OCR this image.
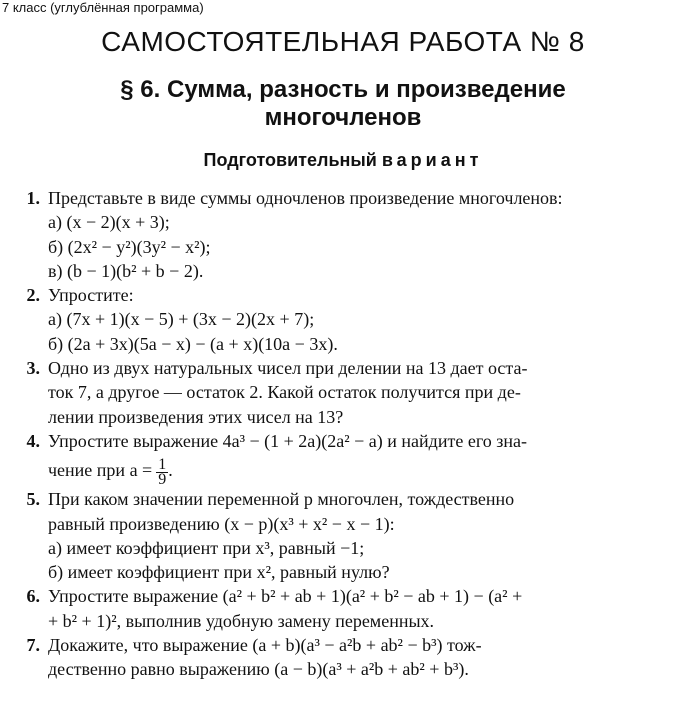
7 класс (углублённая программа)
САМОСТОЯТЕЛЬНАЯ РАБОТА № 8
§ 6. Сумма, разность и произведение
многочленов
Подготовительный вариант
1. Представьте в виде суммы одночленов произведение многочленов:
а) (x − 2)(x + 3);
б) (2x² − y²)(3y² − x²);
в) (b − 1)(b² + b − 2).
2. Упростите:
а) (7x + 1)(x − 5) + (3x − 2)(2x + 7);
б) (2a + 3x)(5a − x) − (a + x)(10a − 3x).
3. Одно из двух натуральных чисел при делении на 13 дает оста-
ток 7, а другое — остаток 2. Какой остаток получится при де-
лении произведения этих чисел на 13?
4. Упростите выражение 4a³ − (1 + 2a)(2a² − a) и найдите его зна-
чение при $a = \frac{1}{9}$ .
5. При каком значении переменной p многочлен, тождественно
равный произведению (x − p)(x³ + x² − x − 1):
а) имеет коэффициент при x³, равный −1;
б) имеет коэффициент при x², равный нулю?
6. Упростите выражение (a² + b² + ab + 1)(a² + b² − ab + 1) − (a² +
+ b² + 1)², выполнив удобную замену переменных.
7. Докажите, что выражение (a + b)(a³ − a²b + ab² − b³) тож-
дественно равно выражению (a − b)(a³ + a²b + ab² + b³).
